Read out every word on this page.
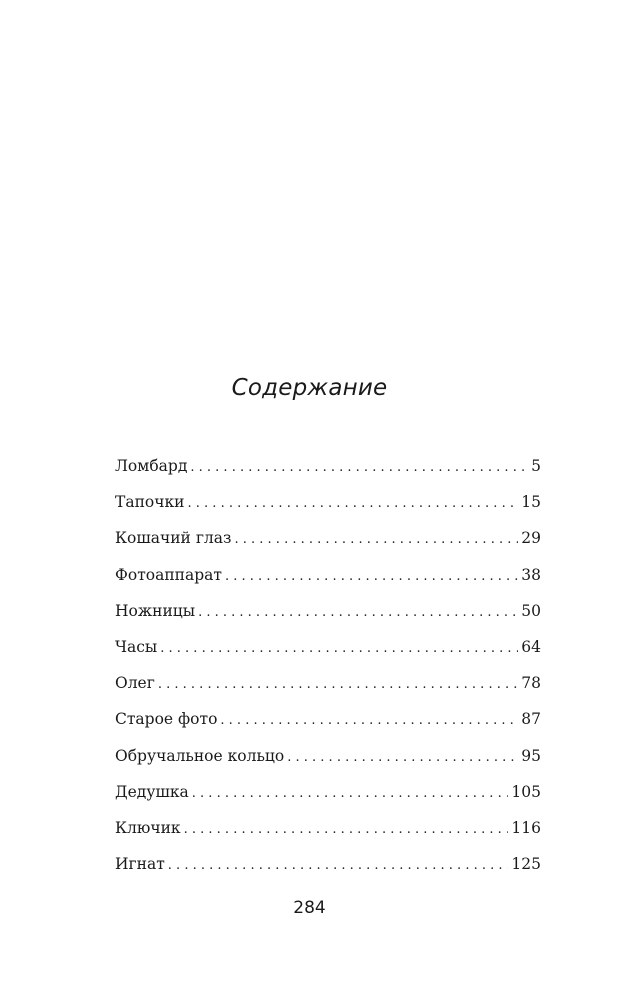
Содержание
Ломбард . . .	5
Тапочки . . .	15
Кошачий глаз . . .	29
Фотоаппарат . . .	38
Ножницы . . .	50
Часы . . .	64
Олег . . .	78
Старое фото . . .	87
Обручальное кольцо . . .	95
Дедушка . . .	105
Ключик . . .	116
Игнат . . .	125
284
